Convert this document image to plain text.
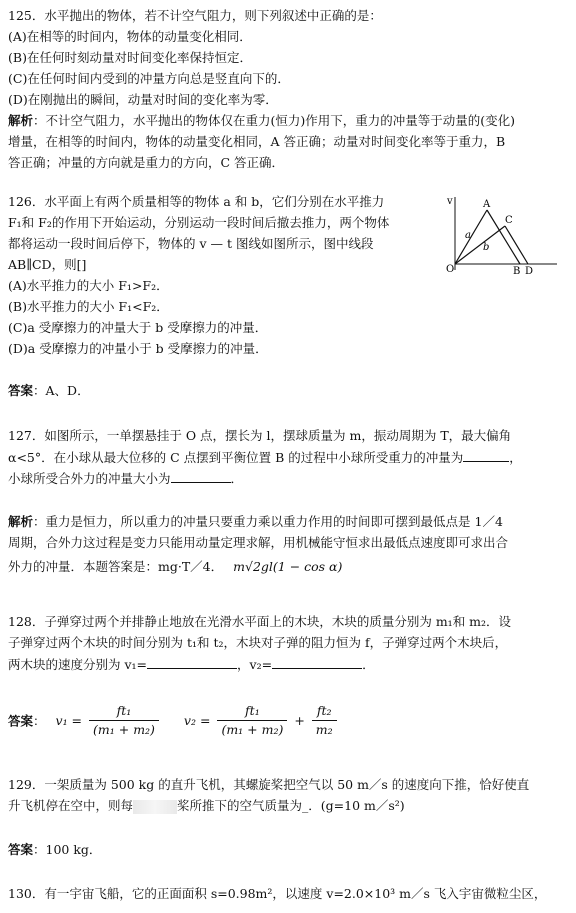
125．水平抛出的物体，若不计空气阻力，则下列叙述中正确的是：
(A)在相等的时间内，物体的动量变化相同．
(B)在任何时刻动量对时间变化率保持恒定．
(C)在任何时间内受到的冲量方向总是竖直向下的．
(D)在刚抛出的瞬间，动量对时间的变化率为零．
解析：不计空气阻力，水平抛出的物体仅在重力(恒力)作用下，重力的冲量等于动量的(变化)
增量，在相等的时间内，物体的动量变化相同，A 答正确；动量对时间变化率等于重力，B
答正确；冲量的方向就是重力的方向，C 答正确．
126．水平面上有两个质量相等的物体 a 和 b，它们分别在水平推力
F₁和 F₂的作用下开始运动，分别运动一段时间后撤去推力，两个物体
都将运动一段时间后停下，物体的 v — t 图线如图所示，图中线段
AB∥CD，则[]
(A)水平推力的大小 F₁>F₂．
(B)水平推力的大小 F₁<F₂．
(C)a 受摩擦力的冲量大于 b 受摩擦力的冲量．
(D)a 受摩擦力的冲量小于 b 受摩擦力的冲量．
答案：A、D．
v
O
A
C
B D
a
b
127．如图所示，一单摆悬挂于 O 点，摆长为 l，摆球质量为 m，振动周期为 T，最大偏角
α<5°．在小球从最大位移的 C 点摆到平衡位置 B 的过程中小球所受重力的冲量为	，
小球所受合外力的冲量大小为	．
解析：重力是恒力，所以重力的冲量只要重力乘以重力作用的时间即可摆到最低点是 1／4
周期，合外力这过程是变力只能用动量定理求解，用机械能守恒求出最低点速度即可求出合
外力的冲量．本题答案是：mg·T／4． m√2gl(1 − cos α)
128．子弹穿过两个并排静止地放在光滑水平面上的木块，木块的质量分别为 m₁和 m₂．设
子弹穿过两个木块的时间分别为 t₁和 t₂，木块对子弹的阻力恒为 f，子弹穿过两个木块后，
两木块的速度分别为 v₁=	，v₂=	．
答案： $v_1 = \frac{\text{ft₁}}{\text{(m₁ + m₂)}} v_2 = \frac{\text{ft₁}}{\text{(m₁ + m₂)}} + \frac{\text{ft₂}}{\text{m₂}}$
129．一架质量为 500 kg 的直升飞机，其螺旋桨把空气以 50 m／s 的速度向下推，恰好使直
升飞机停在空中，则每	桨所推下的空气质量为_．(g=10 m／s²)
答案：100 kg．
130．有一宇宙飞船，它的正面面积 s=0.98m²，以速度 v=2.0×10³ m／s 飞入宇宙微粒尘区，
